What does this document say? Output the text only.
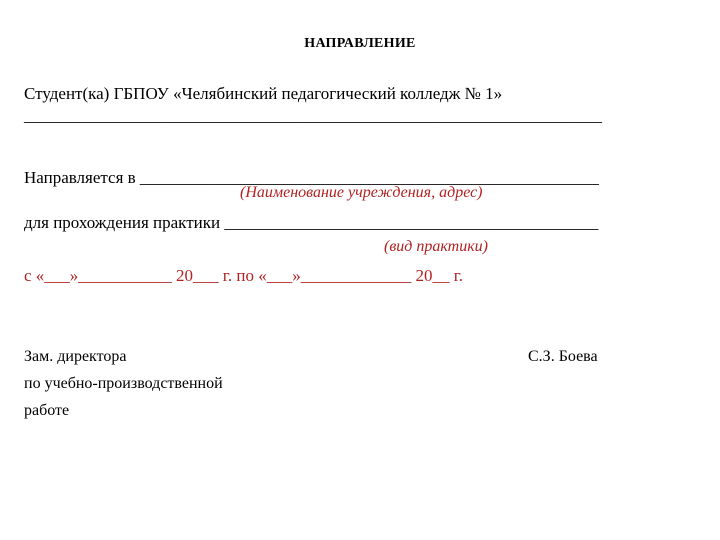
НАПРАВЛЕНИЕ
Студент(ка) ГБПОУ «Челябинский педагогический колледж № 1»
____________________________________________________________________
Направляется в ______________________________________________________
(Наименование учреждения, адрес)
для прохождения практики ____________________________________________
(вид практики)
с «___»___________ 20___ г. по «___»_____________ 20__ г.
Зам. директора
по учебно-производственной
работе
С.З. Боева
